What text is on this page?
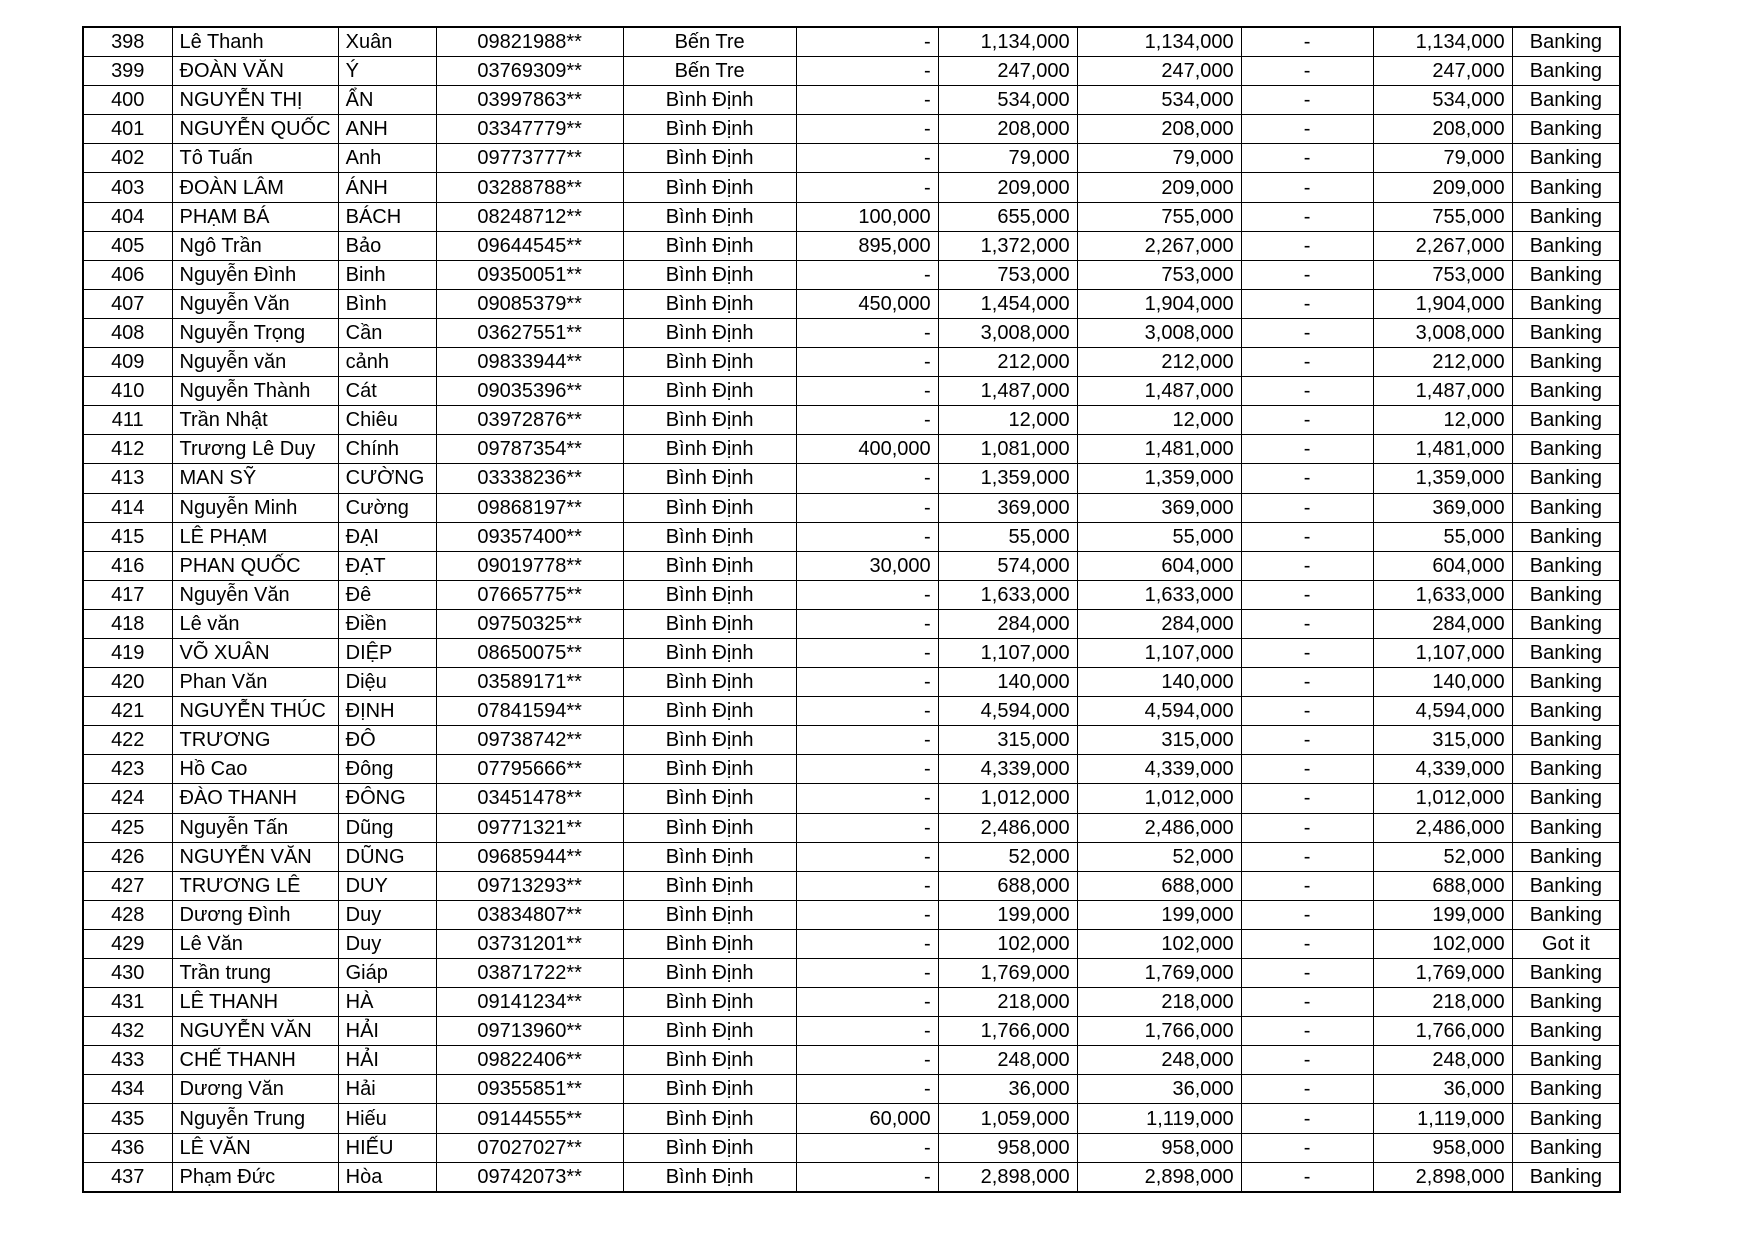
398	Lê Thanh	Xuân	09821988**	Bến Tre	-	1,134,000	1,134,000	-	1,134,000	Banking
399	ĐOÀN VĂN	Ý	03769309**	Bến Tre	-	247,000	247,000	-	247,000	Banking
400	NGUYỄN THỊ	ẨN	03997863**	Bình Định	-	534,000	534,000	-	534,000	Banking
401	NGUYỄN QUỐC	ANH	03347779**	Bình Định	-	208,000	208,000	-	208,000	Banking
402	Tô Tuấn	Anh	09773777**	Bình Định	-	79,000	79,000	-	79,000	Banking
403	ĐOÀN LÂM	ÁNH	03288788**	Bình Định	-	209,000	209,000	-	209,000	Banking
404	PHẠM BÁ	BÁCH	08248712**	Bình Định	100,000	655,000	755,000	-	755,000	Banking
405	Ngô Trần	Bảo	09644545**	Bình Định	895,000	1,372,000	2,267,000	-	2,267,000	Banking
406	Nguyễn Đình	Binh	09350051**	Bình Định	-	753,000	753,000	-	753,000	Banking
407	Nguyễn Văn	Bình	09085379**	Bình Định	450,000	1,454,000	1,904,000	-	1,904,000	Banking
408	Nguyễn Trọng	Cần	03627551**	Bình Định	-	3,008,000	3,008,000	-	3,008,000	Banking
409	Nguyễn văn	cảnh	09833944**	Bình Định	-	212,000	212,000	-	212,000	Banking
410	Nguyễn Thành	Cát	09035396**	Bình Định	-	1,487,000	1,487,000	-	1,487,000	Banking
411	Trần Nhật	Chiêu	03972876**	Bình Định	-	12,000	12,000	-	12,000	Banking
412	Trương Lê Duy	Chính	09787354**	Bình Định	400,000	1,081,000	1,481,000	-	1,481,000	Banking
413	MAN SỸ	CƯỜNG	03338236**	Bình Định	-	1,359,000	1,359,000	-	1,359,000	Banking
414	Nguyễn Minh	Cường	09868197**	Bình Định	-	369,000	369,000	-	369,000	Banking
415	LÊ PHẠM	ĐẠI	09357400**	Bình Định	-	55,000	55,000	-	55,000	Banking
416	PHAN QUỐC	ĐẠT	09019778**	Bình Định	30,000	574,000	604,000	-	604,000	Banking
417	Nguyễn Văn	Đê	07665775**	Bình Định	-	1,633,000	1,633,000	-	1,633,000	Banking
418	Lê văn	Điền	09750325**	Bình Định	-	284,000	284,000	-	284,000	Banking
419	VÕ XUÂN	DIỆP	08650075**	Bình Định	-	1,107,000	1,107,000	-	1,107,000	Banking
420	Phan Văn	Diệu	03589171**	Bình Định	-	140,000	140,000	-	140,000	Banking
421	NGUYỄN THÚC	ĐỊNH	07841594**	Bình Định	-	4,594,000	4,594,000	-	4,594,000	Banking
422	TRƯƠNG	ĐÔ	09738742**	Bình Định	-	315,000	315,000	-	315,000	Banking
423	Hồ Cao	Đông	07795666**	Bình Định	-	4,339,000	4,339,000	-	4,339,000	Banking
424	ĐÀO THANH	ĐÔNG	03451478**	Bình Định	-	1,012,000	1,012,000	-	1,012,000	Banking
425	Nguyễn Tấn	Dũng	09771321**	Bình Định	-	2,486,000	2,486,000	-	2,486,000	Banking
426	NGUYỄN VĂN	DŨNG	09685944**	Bình Định	-	52,000	52,000	-	52,000	Banking
427	TRƯƠNG LÊ	DUY	09713293**	Bình Định	-	688,000	688,000	-	688,000	Banking
428	Dương Đình	Duy	03834807**	Bình Định	-	199,000	199,000	-	199,000	Banking
429	Lê Văn	Duy	03731201**	Bình Định	-	102,000	102,000	-	102,000	Got it
430	Trần trung	Giáp	03871722**	Bình Định	-	1,769,000	1,769,000	-	1,769,000	Banking
431	LÊ THANH	HÀ	09141234**	Bình Định	-	218,000	218,000	-	218,000	Banking
432	NGUYỄN VĂN	HẢI	09713960**	Bình Định	-	1,766,000	1,766,000	-	1,766,000	Banking
433	CHẾ THANH	HẢI	09822406**	Bình Định	-	248,000	248,000	-	248,000	Banking
434	Dương Văn	Hải	09355851**	Bình Định	-	36,000	36,000	-	36,000	Banking
435	Nguyễn Trung	Hiếu	09144555**	Bình Định	60,000	1,059,000	1,119,000	-	1,119,000	Banking
436	LÊ VĂN	HIẾU	07027027**	Bình Định	-	958,000	958,000	-	958,000	Banking
437	Phạm Đức	Hòa	09742073**	Bình Định	-	2,898,000	2,898,000	-	2,898,000	Banking
